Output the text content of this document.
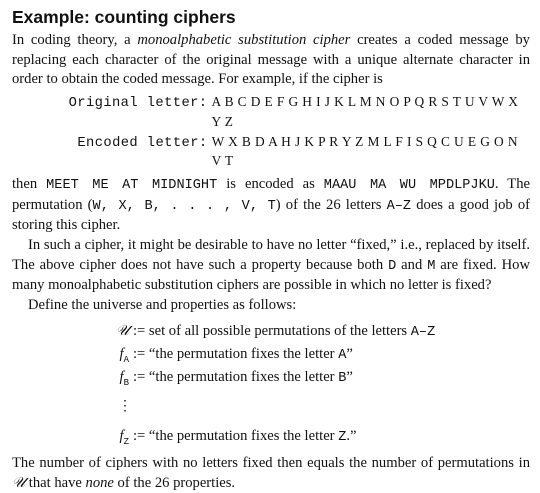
Example: counting ciphers

In coding theory, a monoalphabetic substitution cipher creates a coded message by replacing each character of the original message with a unique alternate character in order to obtain the coded message. For example, if the cipher is

Original letter: A B C D E F G H I J K L M N O P Q R S T U V W X Y Z
Encoded letter: W X B D A H J K P R Y Z M L F I S Q C U E G O N V T

then MEET ME AT MIDNIGHT is encoded as MAAU MA WU MPDLPJKU. The permutation (W, X, B, . . . , V, T) of the 26 letters A–Z does a good job of storing this cipher.

In such a cipher, it might be desirable to have no letter “fixed,” i.e., replaced by itself. The above cipher does not have such a property because both D and M are fixed. How many monoalphabetic substitution ciphers are possible in which no letter is fixed?

Define the universe and properties as follows:

𝒰 := set of all possible permutations of the letters A–Z
$f_A$ := “the permutation fixes the letter A”
$f_B$ := “the permutation fixes the letter B”
⋮
$f_Z$ := “the permutation fixes the letter Z.”

The number of ciphers with no letters fixed then equals the number of permutations in 𝒰 that have none of the 26 properties.
